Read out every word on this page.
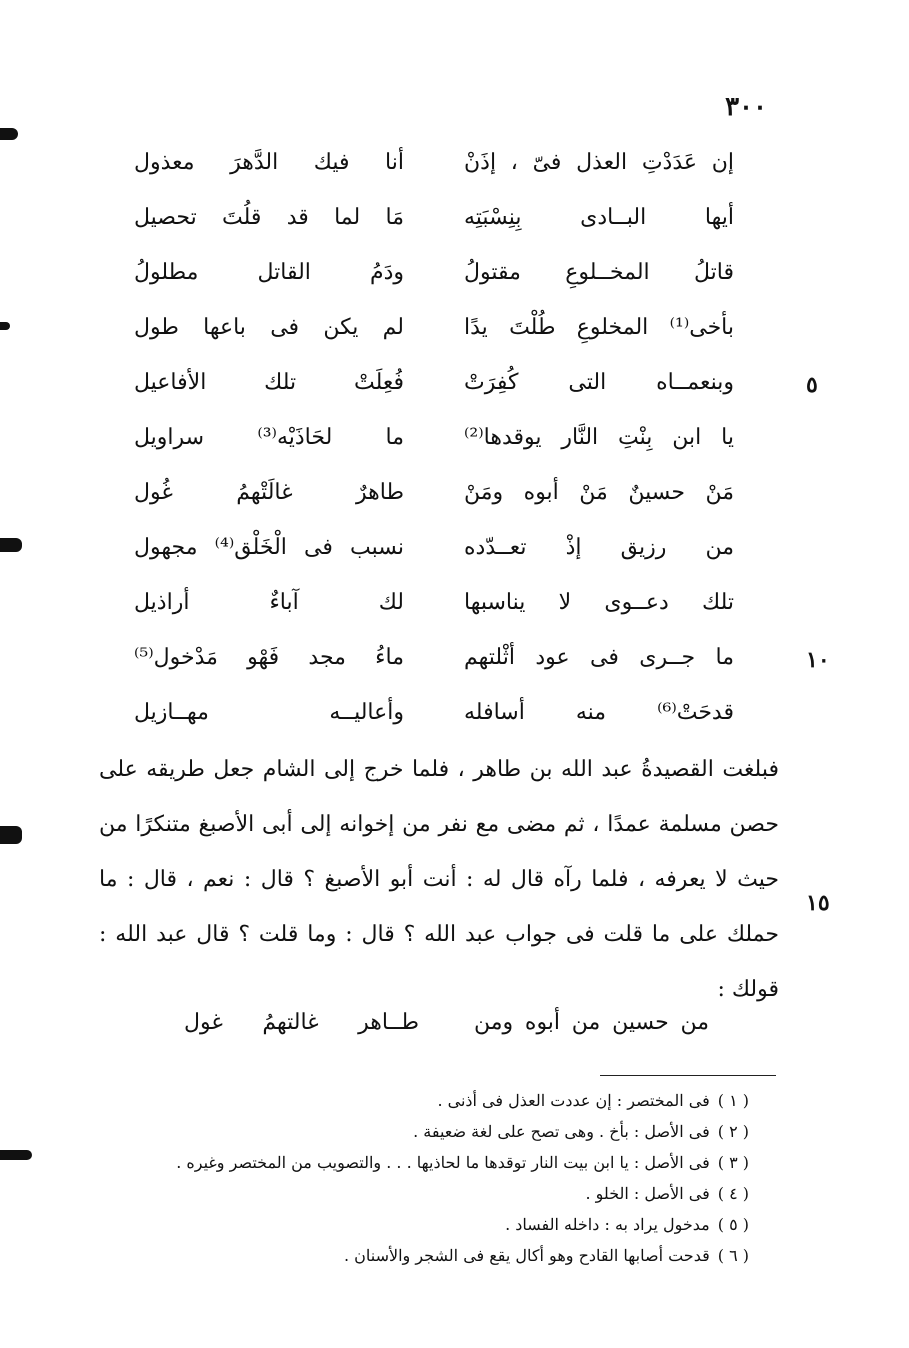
٣٠٠
إن عَدَدْتِ العذل فىّ ، إذَنْ
أنا فيك الدَّهرَ معذول
أيها البــادى بِنِسْبَتِه
مَا لما قد قلُتَ تحصيل
قاتلُ المخــلوعِ مقتولُ
ودَمُ القاتل مطلولُ
بأخى⁽¹⁾ المخلوعِ طُلْتَ يدًا
لم يكن فى باعها طول
وبنعمــاه التى كُفِرَتْ
فُعِلَتْ تلك الأفاعيل	٥
يا ابن بِنْتِ النَّار يوقدها⁽²⁾
ما لحَاذَيْه⁽³⁾ سراويل
مَنْ حسينٌ مَنْ أبوه ومَنْ
طاهرٌ غالَتْهمُ غُول
من رزيق إذْ تعــدّده
نسبب فى الْخَلْق⁽⁴⁾ مجهول
تلك دعــوى لا يناسبها
لك آباءٌ أراذيل
ما جــرى فى عود أثْلتهم
ماءُ مجد فَهْو مَدْخول⁽⁵⁾	١٠
قدحَتْ⁽⁶⁾ منه أسافله
وأعاليــه مهــازيل
١٥

فبلغت القصيدةُ عبد الله بن طاهر ، فلما خرج إلى الشام جعل طريقه على حصن مسلمة عمدًا ، ثم مضى مع نفر من إخوانه إلى أبى الأصبغ متنكرًا من حيث لا يعرفه ، فلما رآه قال له : أنت أبو الأصبغ ؟ قال : نعم ، قال : ما حملك على ما قلت فى جواب عبد الله ؟ قال : وما قلت ؟ قال عبد الله : قولك :

من حسين من أبوه ومن
طــاهر غالتهمُ غول
( ١ )فى المختصر : إن عددت العذل فى أذنى .
( ٢ )فى الأصل : بأخ . وهى تصح على لغة ضعيفة .
( ٣ )فى الأصل : يا ابن بيت النار توقدها ما لحاذيها . . . والتصويب من المختصر وغيره .
( ٤ )فى الأصل : الخلو .
( ٥ )مدخول يراد به : داخله الفساد .
( ٦ )قدحت أصابها القادح وهو أكال يقع فى الشجر والأسنان .
